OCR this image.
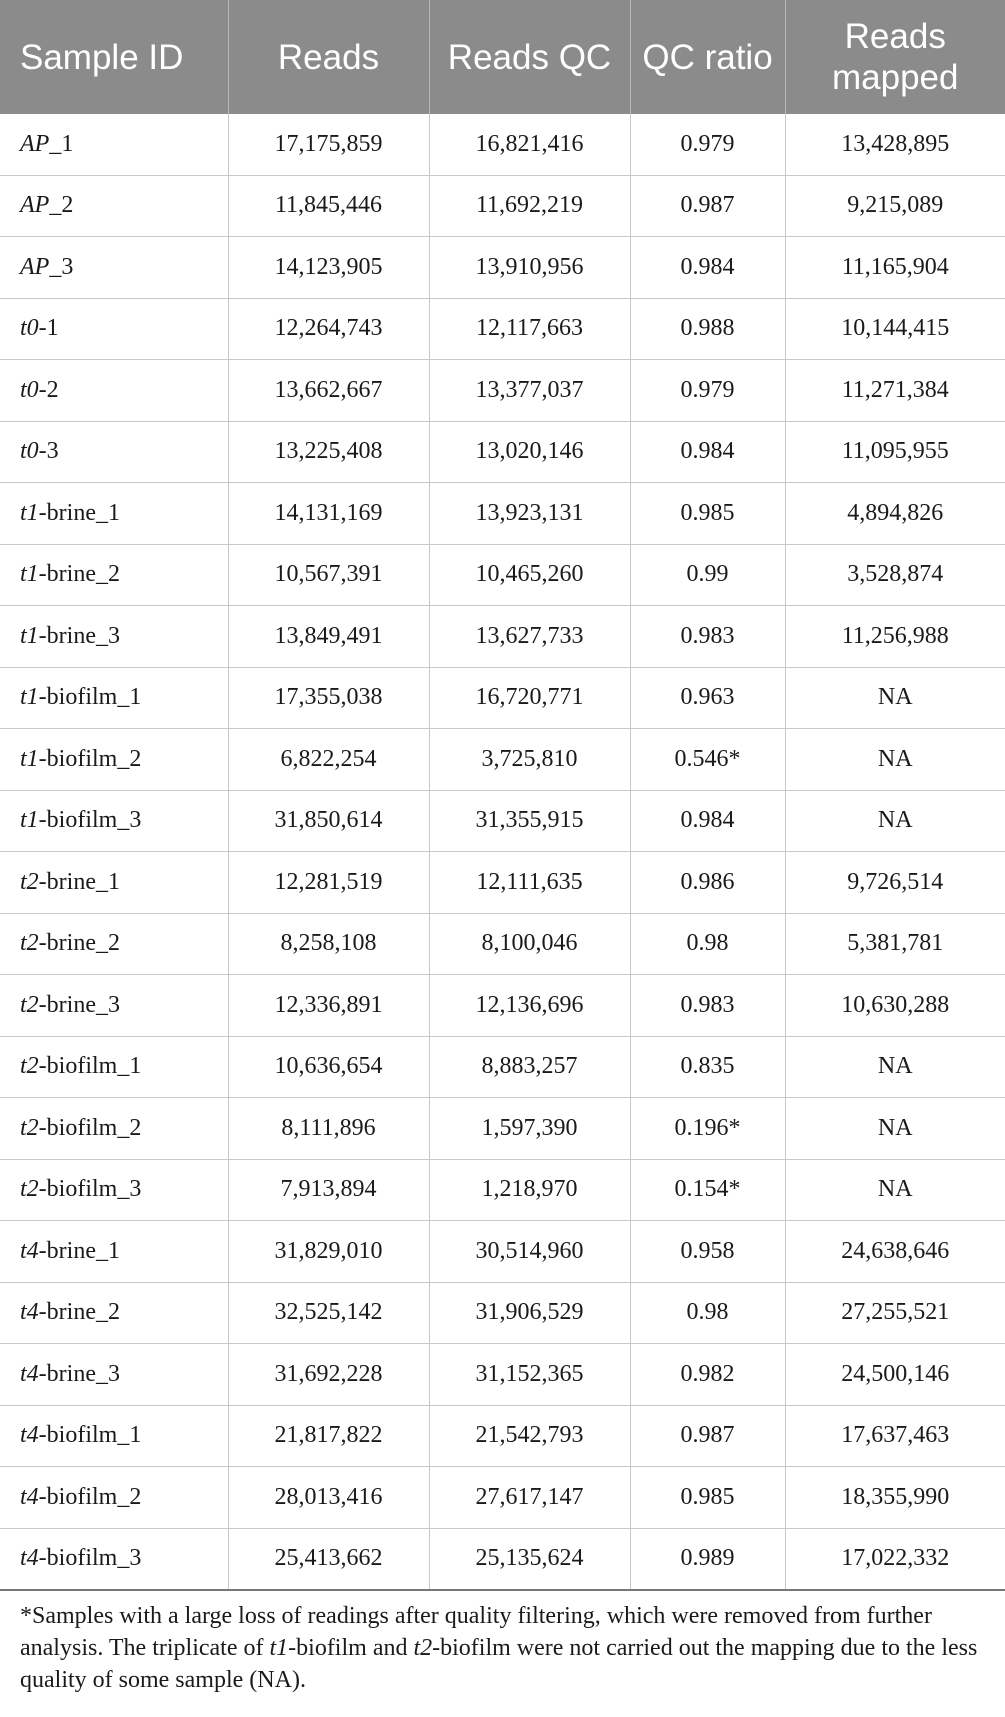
Sample ID	Reads	Reads QC	QC ratio	Reads mapped
AP_1	17,175,859	16,821,416	0.979	13,428,895
AP_2	11,845,446	11,692,219	0.987	9,215,089
AP_3	14,123,905	13,910,956	0.984	11,165,904
t0-1	12,264,743	12,117,663	0.988	10,144,415
t0-2	13,662,667	13,377,037	0.979	11,271,384
t0-3	13,225,408	13,020,146	0.984	11,095,955
t1-brine_1	14,131,169	13,923,131	0.985	4,894,826
t1-brine_2	10,567,391	10,465,260	0.99	3,528,874
t1-brine_3	13,849,491	13,627,733	0.983	11,256,988
t1-biofilm_1	17,355,038	16,720,771	0.963	NA
t1-biofilm_2	6,822,254	3,725,810	0.546*	NA
t1-biofilm_3	31,850,614	31,355,915	0.984	NA
t2-brine_1	12,281,519	12,111,635	0.986	9,726,514
t2-brine_2	8,258,108	8,100,046	0.98	5,381,781
t2-brine_3	12,336,891	12,136,696	0.983	10,630,288
t2-biofilm_1	10,636,654	8,883,257	0.835	NA
t2-biofilm_2	8,111,896	1,597,390	0.196*	NA
t2-biofilm_3	7,913,894	1,218,970	0.154*	NA
t4-brine_1	31,829,010	30,514,960	0.958	24,638,646
t4-brine_2	32,525,142	31,906,529	0.98	27,255,521
t4-brine_3	31,692,228	31,152,365	0.982	24,500,146
t4-biofilm_1	21,817,822	21,542,793	0.987	17,637,463
t4-biofilm_2	28,013,416	27,617,147	0.985	18,355,990
t4-biofilm_3	25,413,662	25,135,624	0.989	17,022,332
*Samples with a large loss of readings after quality filtering, which were removed from further analysis. The triplicate of t1-biofilm and t2-biofilm were not carried out the mapping due to the less quality of some sample (NA).
